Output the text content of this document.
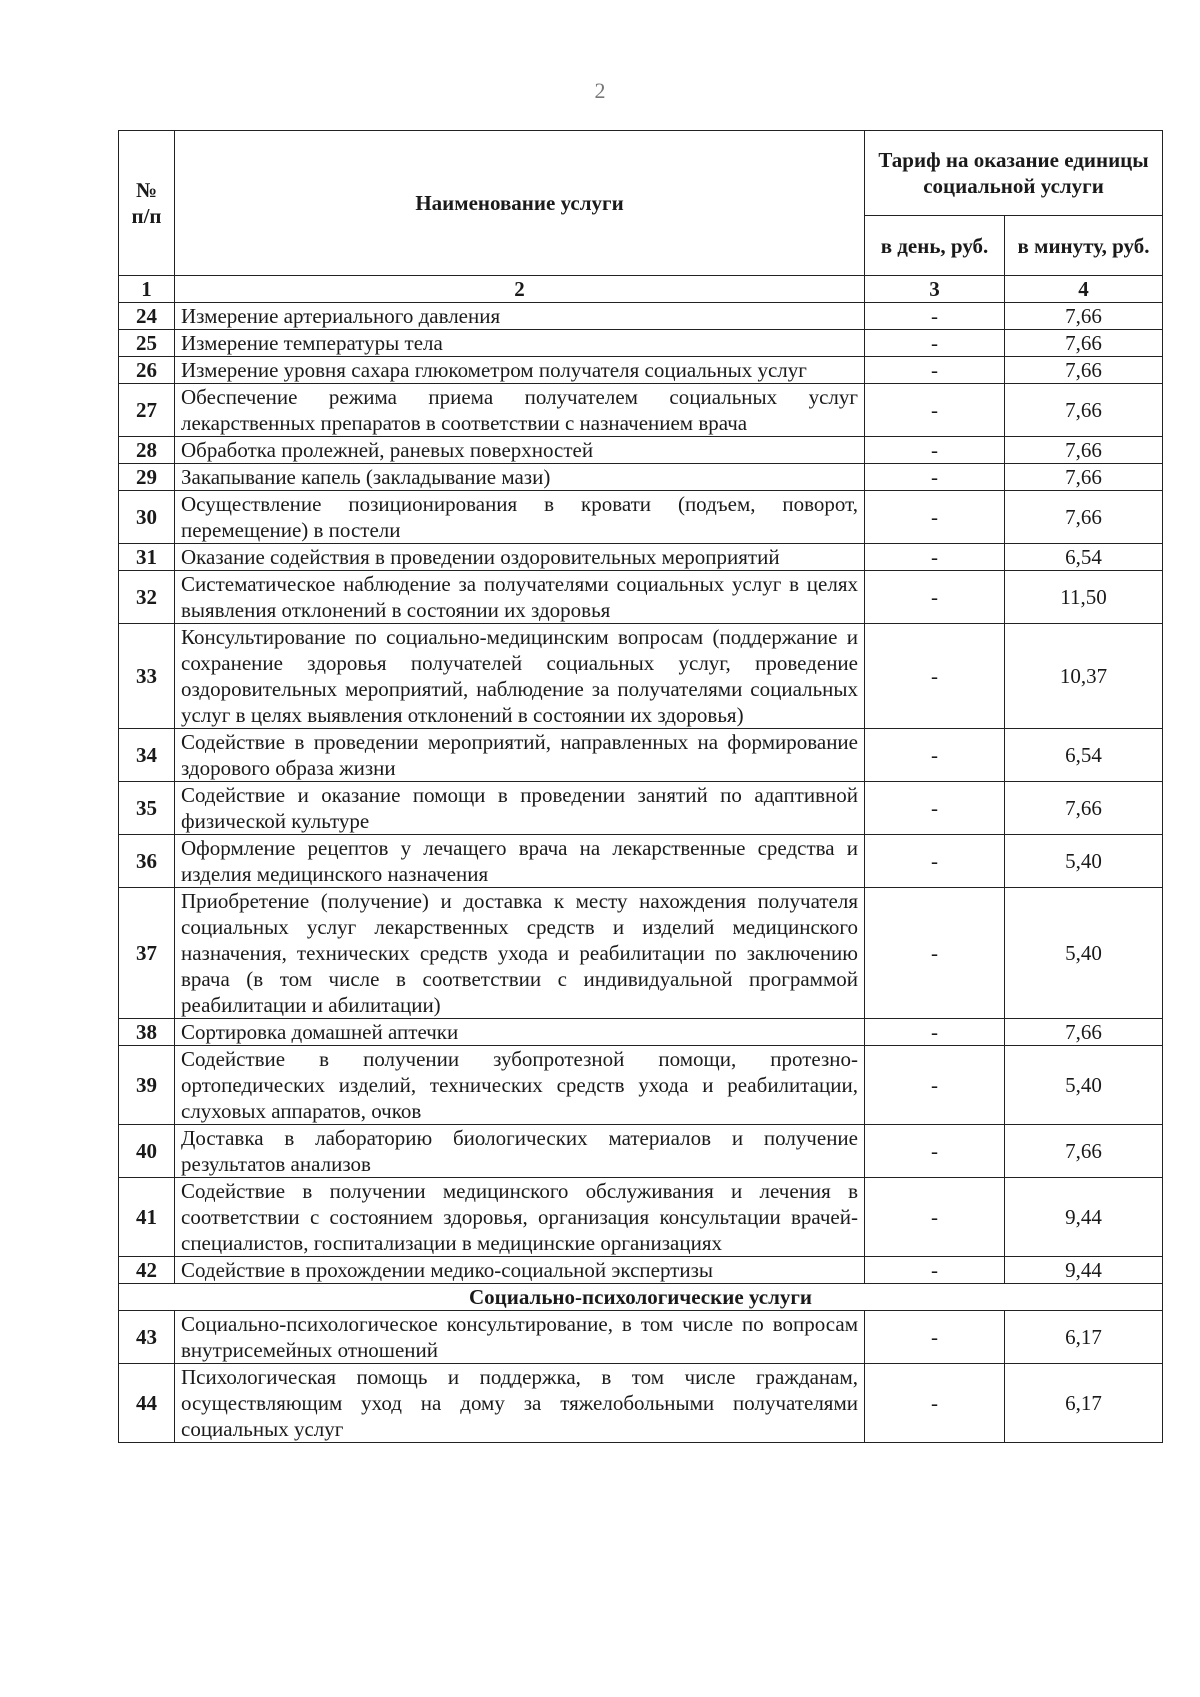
2
№ п/п	Наименование услуги	Тариф на оказание единицы социальной услуги	
		в день, руб.	в минуту, руб.
1	2	3	4
24	Измерение артериального давления	-	7,66
25	Измерение температуры тела	-	7,66
26	Измерение уровня сахара глюкометром получателя социальных услуг	-	7,66
27	Обеспечение режима приема получателем социальных услуг лекарственных препаратов в соответствии с назначением врача	-	7,66
28	Обработка пролежней, раневых поверхностей	-	7,66
29	Закапывание капель (закладывание мази)	-	7,66
30	Осуществление позиционирования в кровати (подъем, поворот, перемещение) в постели	-	7,66
31	Оказание содействия в проведении оздоровительных мероприятий	-	6,54
32	Систематическое наблюдение за получателями социальных услуг в целях выявления отклонений в состоянии их здоровья	-	11,50
33	Консультирование по социально-медицинским вопросам (поддержание и сохранение здоровья получателей социальных услуг, проведение оздоровительных мероприятий, наблюдение за получателями социальных услуг в целях выявления отклонений в состоянии их здоровья)	-	10,37
34	Содействие в проведении мероприятий, направленных на формирование здорового образа жизни	-	6,54
35	Содействие и оказание помощи в проведении занятий по адаптивной физической культуре	-	7,66
36	Оформление рецептов у лечащего врача на лекарственные средства и изделия медицинского назначения	-	5,40
37	Приобретение (получение) и доставка к месту нахождения получателя социальных услуг лекарственных средств и изделий медицинского назначения, технических средств ухода и реабилитации по заключению врача (в том числе в соответствии с индивидуальной программой реабилитации и абилитации)	-	5,40
38	Сортировка домашней аптечки	-	7,66
39	Содействие в получении зубопротезной помощи, протезно-ортопедических изделий, технических средств ухода и реабилитации, слуховых аппаратов, очков	-	5,40
40	Доставка в лабораторию биологических материалов и получение результатов анализов	-	7,66
41	Содействие в получении медицинского обслуживания и лечения в соответствии с состоянием здоровья, организация консультации врачей-специалистов, госпитализации в медицинские организациях	-	9,44
42	Содействие в прохождении медико-социальной экспертизы	-	9,44
Социально-психологические услуги			
43	Социально-психологическое консультирование, в том числе по вопросам внутрисемейных отношений	-	6,17
44	Психологическая помощь и поддержка, в том числе гражданам, осуществляющим уход на дому за тяжелобольными получателями социальных услуг	-	6,17
